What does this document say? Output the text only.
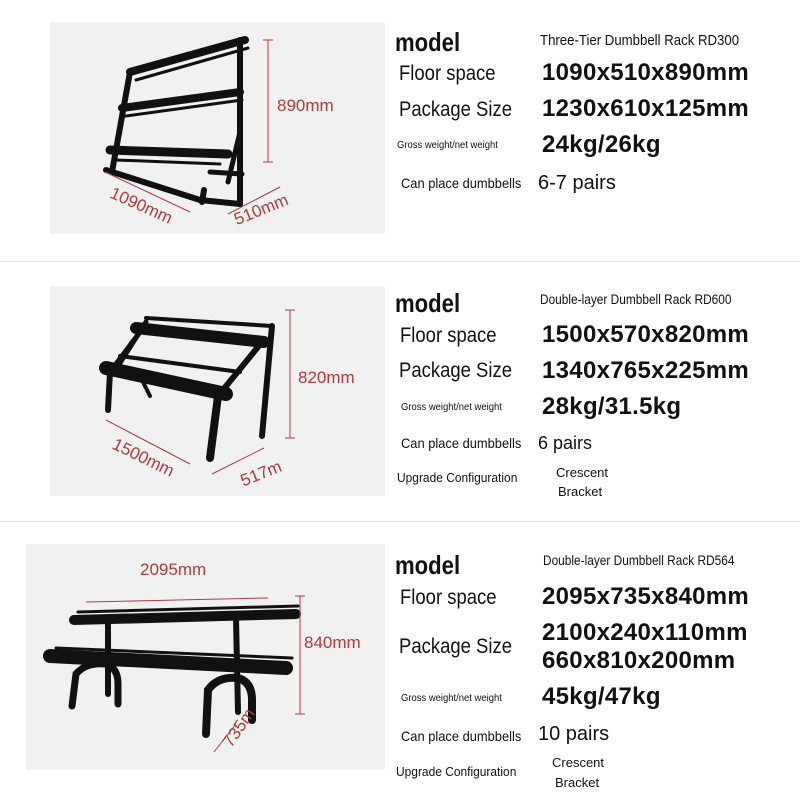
890mm
1090mm	510mm
model	Three-Tier Dumbbell Rack RD300
Floor space 1090x510x890mm
Package Size 1230x610x125mm
Gross weight/net weight 24kg/26kg
Can place dumbbells 6-7 pairs
820mm
1500mm	517m
model	Double-layer Dumbbell Rack RD600
Floor space 1500x570x820mm
Package Size 1340x765x225mm
Gross weight/net weight 28kg/31.5kg
Can place dumbbells 6 pairs
Upgrade Configuration	Crescent
Bracket
2095mm
840mm
735m
model	Double-layer Dumbbell Rack RD564
Floor space 2095x735x840mm
Package Size
2100x240x110mm
660x810x200mm
Gross weight/net weight 45kg/47kg
Can place dumbbells 10 pairs
Upgrade Configuration
Crescent
Bracket
